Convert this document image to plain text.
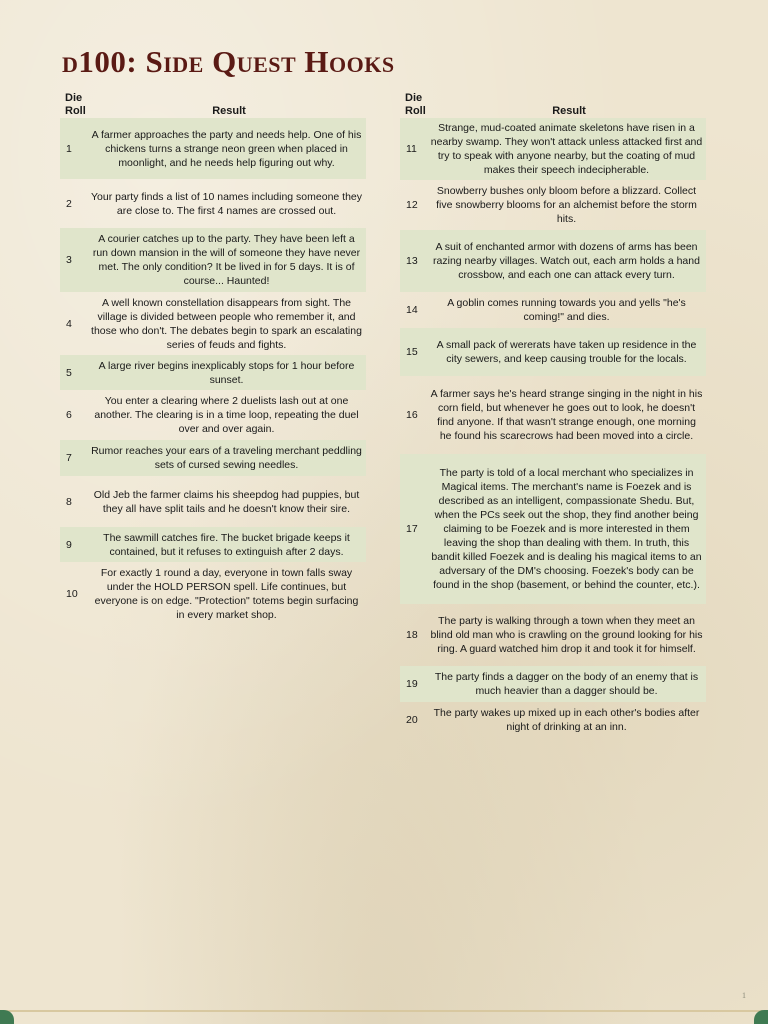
d100: Side Quest Hooks
Die Roll	Result
1
A farmer approaches the party and needs help. One of his chickens turns a strange neon green when placed in moonlight, and he needs help figuring out why.
2
Your party finds a list of 10 names including someone they are close to. The first 4 names are crossed out.
3
A courier catches up to the party. They have been left a run down mansion in the will of someone they have never met. The only condition? It be lived in for 5 days. It is of course... Haunted!
4
A well known constellation disappears from sight. The village is divided between people who remember it, and those who don't. The debates begin to spark an escalating series of feuds and fights.
5
A large river begins inexplicably stops for 1 hour before sunset.
6
You enter a clearing where 2 duelists lash out at one another. The clearing is in a time loop, repeating the duel over and over again.
7
Rumor reaches your ears of a traveling merchant peddling sets of cursed sewing needles.
8
Old Jeb the farmer claims his sheepdog had puppies, but they all have split tails and he doesn't know their sire.
9
The sawmill catches fire. The bucket brigade keeps it contained, but it refuses to extinguish after 2 days.
10
For exactly 1 round a day, everyone in town falls sway under the HOLD PERSON spell. Life continues, but everyone is on edge. "Protection" totems begin surfacing in every market shop.
Die Roll	Result
11
Strange, mud-coated animate skeletons have risen in a nearby swamp. They won't attack unless attacked first and try to speak with anyone nearby, but the coating of mud makes their speech indecipherable.
12
Snowberry bushes only bloom before a blizzard. Collect five snowberry blooms for an alchemist before the storm hits.
13
A suit of enchanted armor with dozens of arms has been razing nearby villages. Watch out, each arm holds a hand crossbow, and each one can attack every turn.
14
A goblin comes running towards you and yells "he's coming!" and dies.
15
A small pack of wererats have taken up residence in the city sewers, and keep causing trouble for the locals.
16
A farmer says he's heard strange singing in the night in his corn field, but whenever he goes out to look, he doesn't find anyone. If that wasn't strange enough, one morning he found his scarecrows had been moved into a circle.
17
The party is told of a local merchant who specializes in Magical items. The merchant's name is Foezek and is described as an intelligent, compassionate Shedu. But, when the PCs seek out the shop, they find another being claiming to be Foezek and is more interested in them leaving the shop than dealing with them. In truth, this bandit killed Foezek and is dealing his magical items to an adversary of the DM's choosing. Foezek's body can be found in the shop (basement, or behind the counter, etc.).
18
The party is walking through a town when they meet an blind old man who is crawling on the ground looking for his ring. A guard watched him drop it and took it for himself.
19
The party finds a dagger on the body of an enemy that is much heavier than a dagger should be.
20
The party wakes up mixed up in each other's bodies after night of drinking at an inn.
1
